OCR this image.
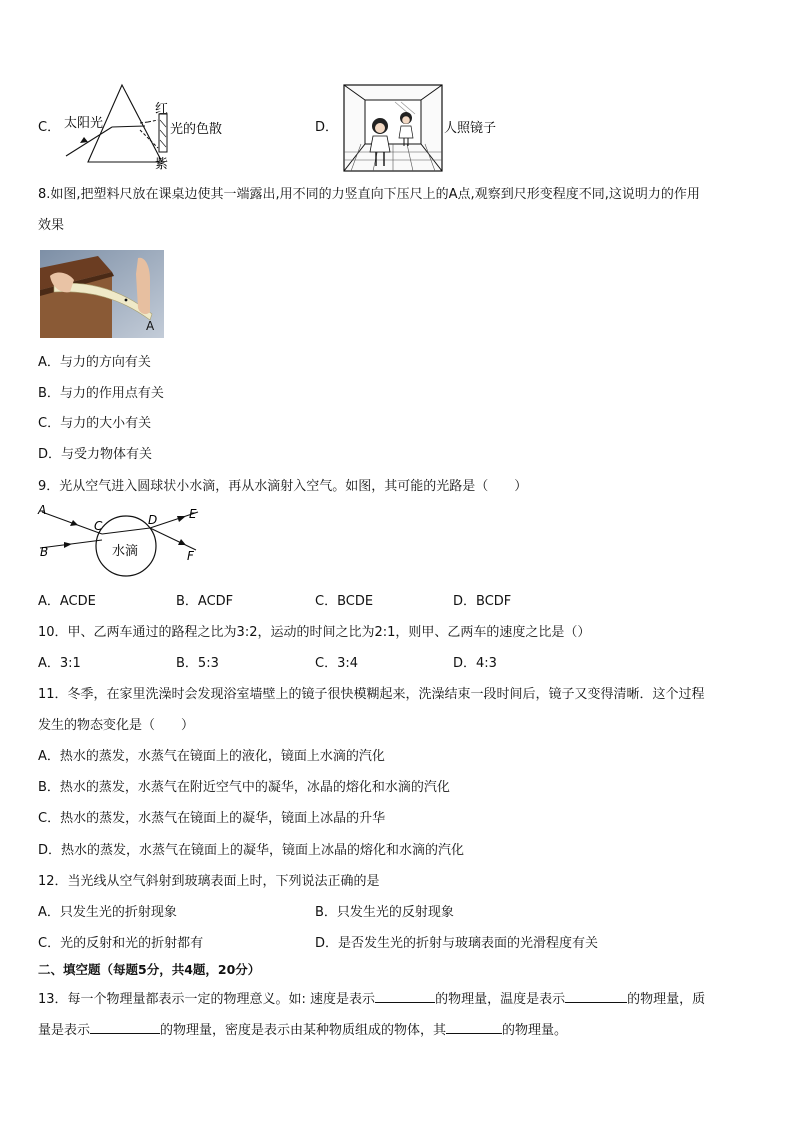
C． 太阳光
红
紫
光的色散	D．	人照镜子
8.如图,把塑料尺放在课桌边使其一端露出,用不同的力竖直向下压尺上的A点,观察到尺形变程度不同,这说明力的作用
效果
A
A．与力的方向有关
B．与力的作用点有关
C．与力的大小有关
D．与受力物体有关
9．光从空气进入圆球状小水滴，再从水滴射入空气。如图，其可能的光路是（　　）
A
B
C	D	E
F
水滴
A．ACDE	B．ACDF	C．BCDE	D．BCDF
10．甲、乙两车通过的路程之比为3:2，运动的时间之比为2:1，则甲、乙两车的速度之比是（）
A．3:1	B．5:3	C．3:4	D．4:3
11．冬季，在家里洗澡时会发现浴室墙壁上的镜子很快模糊起来，洗澡结束一段时间后，镜子又变得清晰．这个过程
发生的物态变化是（　　）
A．热水的蒸发，水蒸气在镜面上的液化，镜面上水滴的汽化
B．热水的蒸发，水蒸气在附近空气中的凝华，冰晶的熔化和水滴的汽化
C．热水的蒸发，水蒸气在镜面上的凝华，镜面上冰晶的升华
D．热水的蒸发，水蒸气在镜面上的凝华，镜面上冰晶的熔化和水滴的汽化
12．当光线从空气斜射到玻璃表面上时，下列说法正确的是
A．只发生光的折射现象	B．只发生光的反射现象
C．光的反射和光的折射都有	D．是否发生光的折射与玻璃表面的光滑程度有关
二、填空题（每题5分，共4题，20分）
13．每一个物理量都表示一定的物理意义。如: 速度是表示	的物理量，温度是表示	的物理量，质
量是表示	的物理量，密度是表示由某种物质组成的物体，其	的物理量。
